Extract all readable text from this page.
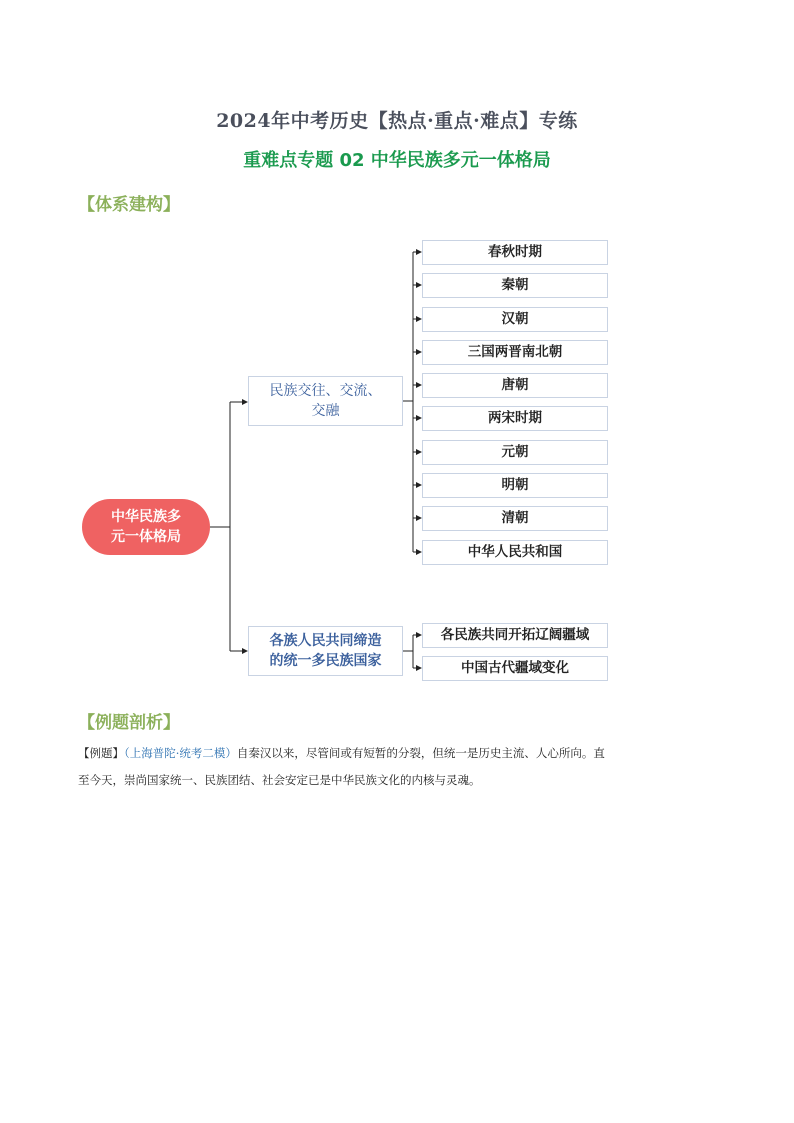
2024年中考历史【热点·重点·难点】专练
重难点专题 02 中华民族多元一体格局
【体系建构】
中华民族多
元一体格局
民族交往、交流、
交融
各族人民共同缔造
的统一多民族国家
春秋时期
秦朝
汉朝
三国两晋南北朝
唐朝
两宋时期
元朝
明朝
清朝
中华人民共和国
各民族共同开拓辽阔疆域
中国古代疆域变化
【例题剖析】
【例题】（上海普陀·统考二模）自秦汉以来，尽管间或有短暂的分裂，但统一是历史主流、人心所向。直
至今天，崇尚国家统一、民族团结、社会安定已是中华民族文化的内核与灵魂。
